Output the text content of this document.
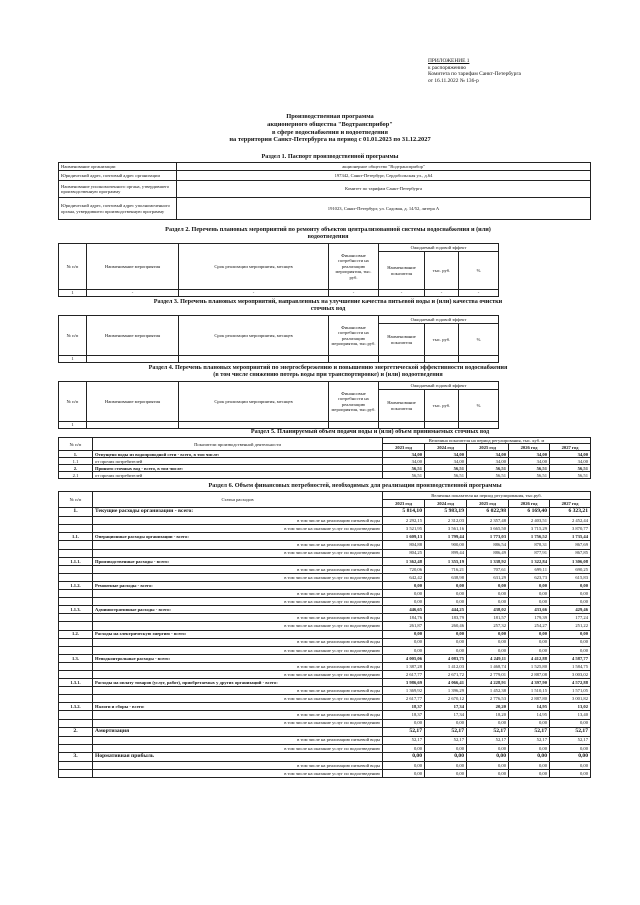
ПРИЛОЖЕНИЕ 1
к распоряжению
Комитета по тарифам Санкт-Петербурга
от 16.11.2022 № 136-р
Производственная программа
акционерного общества "Водтрансприбор"
в сфере водоснабжения и водоотведения
на территории Санкт-Петербурга на период с 01.01.2023 по 31.12.2027
Раздел 1. Паспорт производственной программы
Наименование организации	акционерное общество "Водтрансприбор"
Юридический адрес, почтовый адрес организации	197342, Санкт-Петербург, Сердобольская ул., д.64
Наименование уполномоченного органа, утвердившего производственную программу	Комитет по тарифам Санкт-Петербурга
Юридический адрес, почтовый адрес уполномоченного органа, утвердившего производственную программу	191023, Санкт-Петербург, ул. Садовая, д. 14/52, литера А
Раздел 2. Перечень плановых мероприятий по ремонту объектов централизованной системы водоснабжения и (или)
водоотведения
№ п/п	Наименование мероприятия	Срок реализации мероприятия, месяцев	Финансовые потребности на реализацию мероприятия, тыс. руб.	Ожидаемый годовой эффект		
				Наименование показателя	тыс. руб.	%
1	-	-	-	-	-	-
Раздел 3. Перечень плановых мероприятий, направленных на улучшение качества питьевой воды и (или) качества очистки
сточных вод
№ п/п	Наименование мероприятия	Срок реализации мероприятия, месяцев	Финансовые потребности на реализацию мероприятия, тыс.руб.	Ожидаемый годовой эффект		
				Наименование показателя	тыс. руб.	%
1						
Раздел 4. Перечень плановых мероприятий по энергосбережению и повышению энергетической эффективности водоснабжения
(в том числе снижению потерь воды при транспортировке) и (или) водоотведения
№ п/п	Наименование мероприятия	Срок реализации мероприятия, месяцев	Финансовые потребности на реализацию мероприятия, тыс.руб.	Ожидаемый годовой эффект		
				Наименование показателя	тыс. руб.	%
1						
Раздел 5. Планируемый объем подачи воды и (или) объем принимаемых сточных вод
№ п/п	Показатели производственной деятельности	Величина показателя на период регулирования, тыс. куб. м				
		2023 год	2024 год	2025 год	2026 год	2027 год
1.	Отпущено воды из водопроводной сети - всего, в том числе:	34,00	34,00	34,00	34,00	34,00
1.1	от прочих потребителей	34,00	34,00	34,00	34,00	34,00
2.	Принято сточных вод - всего, в том числе:	56,51	56,51	56,51	56,51	56,51
2.1	от прочих потребителей	56,51	56,51	56,51	56,51	56,51
Раздел 6. Объем финансовых потребностей, необходимых для реализации производственной программы
№ п/п	Статьи расходов	Величина показателя на период регулирования, тыс.руб.				
		2023 год	2024 год	2025 год	2026 год	2027 год
1.	Текущие расходы организации - всего:	5 814,10	5 983,19	6 022,98	6 169,40	6 323,21
	в том числе на реализацию питьевой воды	2 292,15	2 312,03	2 357,48	2 403,51	2 452,44
	в том числе на оказание услуг по водоотведению	3 521,95	3 561,16	3 665,50	3 715,29	3 870,77
1.1.	Операционные расходы организации - всего:	1 609,13	1 799,44	1 773,03	1 756,52	1 735,44
	в том числе на реализацию питьевой воды	804,88	900,00	886,54	878,31	867,69
	в том числе на оказание услуг по водоотведению	804,25	899,44	886,49	877,91	867,85
1.1.1.	Производственные расходы - всего:	1 362,48	1 355,19	1 338,92	1 322,84	1 306,08
	в том числе на реализацию питьевой воды	720,06	716,21	707,61	699,11	690,25
	в том числе на оказание услуг по водоотведению	642,42	638,98	631,29	623,73	615,83
1.1.2.	Ремонтные расходы - всего:	0,00	0,00	0,00	0,00	0,00
	в том числе на реализацию питьевой воды	0,00	0,00	0,00	0,00	0,00
	в том числе на оказание услуг по водоотведению	0,00	0,00	0,00	0,00	0,00
1.1.3.	Административные расходы - всего:	446,65	444,25	438,02	433,66	429,46
	в том числе на реализацию питьевой воды	184,76	183,79	181,57	179,39	177,24
	в том числе на оказание услуг по водоотведению	261,87	260,46	257,32	254,27	251,22
1.2.	Расходы на электрическую энергию - всего:	0,00	0,00	0,00	0,00	0,00
	в том числе на реализацию питьевой воды	0,00	0,00	0,00	0,00	0,00
	в том числе на оказание услуг по водоотведению	0,00	0,00	0,00	0,00	0,00
1.3.	Неподконтрольные расходы - всего:	4 005,06	4 083,75	4 249,11	4 412,88	4 587,77
	в том числе на реализацию питьевой воды	1 387,28	1 412,03	1 468,74	1 525,80	1 584,75
	в том числе на оказание услуг по водоотведению	2 617,77	2 671,72	2 779,01	2 887,08	3 003,02
1.3.1.	Расходы на оплату товаров (услуг, работ), приобретаемых у других организаций - всего:	3 986,69	4 066,41	4 228,91	4 397,90	4 572,88
	в том числе на реализацию питьевой воды	1 369,92	1 396,29	1 452,38	1 510,15	1 571,05
	в том числе на оказание услуг по водоотведению	2 617,77	2 670,12	2 776,53	2 887,80	3 001,82
1.3.2.	Налоги и сборы - всего:	18,37	17,34	20,20	14,95	13,02
	в том числе на реализацию питьевой воды	18,37	17,34	18,20	14,95	13,40
	в том числе на оказание услуг по водоотведению	0,00	0,00	0,00	0,00	0,00
2.	Амортизация	52,17	52,17	52,17	52,17	52,17
	в том числе на реализацию питьевой воды	52,17	52,17	52,17	52,17	52,17
	в том числе на оказание услуг по водоотведению	0,00	0,00	0,00	0,00	0,00
3.	Нормативная прибыль	0,00	0,00	0,00	0,00	0,00
	в том числе на реализацию питьевой воды	0,00	0,00	0,00	0,00	0,00
	в том числе на оказание услуг по водоотведению	0,00	0,00	0,00	0,00	0,00
